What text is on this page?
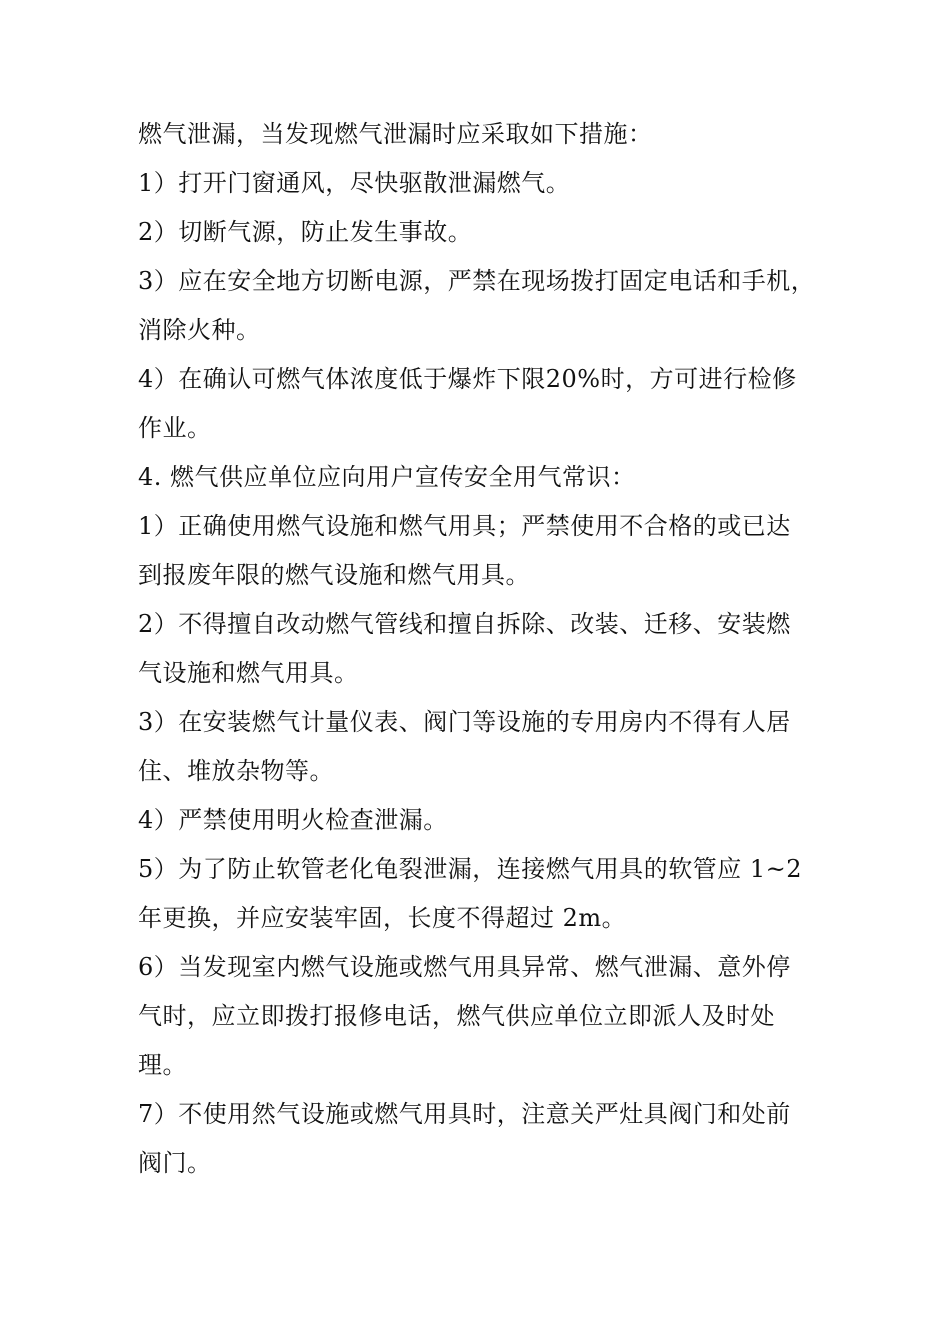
燃气泄漏，当发现燃气泄漏时应采取如下措施：

1）打开门窗通风，尽快驱散泄漏燃气。

2）切断气源，防止发生事故。

3）应在安全地方切断电源，严禁在现场拨打固定电话和手机，

消除火种。

4）在确认可燃气体浓度低于爆炸下限20%时，方可进行检修

作业。

4. 燃气供应单位应向用户宣传安全用气常识：

1）正确使用燃气设施和燃气用具；严禁使用不合格的或已达

到报废年限的燃气设施和燃气用具。

2）不得擅自改动燃气管线和擅自拆除、改装、迁移、安装燃

气设施和燃气用具。

3）在安装燃气计量仪表、阀门等设施的专用房内不得有人居

住、堆放杂物等。

4）严禁使用明火检查泄漏。

5）为了防止软管老化龟裂泄漏，连接燃气用具的软管应 1~2

年更换，并应安装牢固，长度不得超过 2m。

6）当发现室内燃气设施或燃气用具异常、燃气泄漏、意外停

气时，应立即拨打报修电话，燃气供应单位立即派人及时处

理。

7）不使用然气设施或燃气用具时，注意关严灶具阀门和处前

阀门。
